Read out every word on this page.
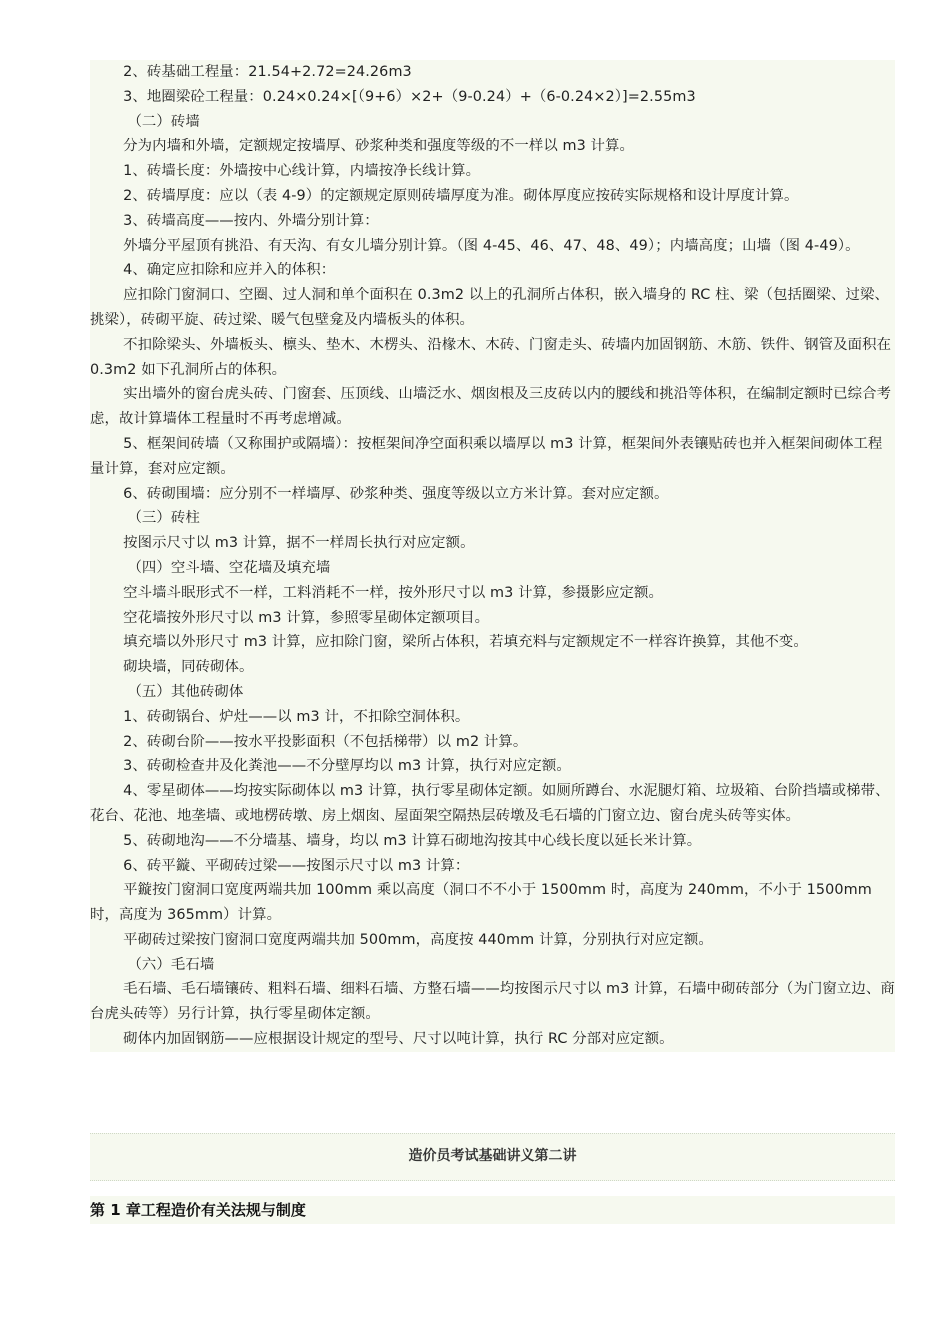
2、砖基础工程量：21.54+2.72=24.26m3

3、地圈梁砼工程量：0.24×0.24×[（9+6）×2+（9-0.24）+（6-0.24×2）]=2.55m3

（二）砖墙

分为内墙和外墙，定额规定按墙厚、砂浆种类和强度等级的不一样以 m3 计算。

1、砖墙长度：外墙按中心线计算，内墙按净长线计算。

2、砖墙厚度：应以（表 4-9）的定额规定原则砖墙厚度为准。砌体厚度应按砖实际规格和设计厚度计算。

3、砖墙高度——按内、外墙分别计算：

外墙分平屋顶有挑沿、有天沟、有女儿墙分别计算。（图 4-45、46、47、48、49）；内墙高度；山墙（图 4-49）。

4、确定应扣除和应并入的体积：

应扣除门窗洞口、空圈、过人洞和单个面积在 0.3m2 以上的孔洞所占体积，嵌入墙身的 RC 柱、梁（包括圈梁、过梁、挑梁），砖砌平旋、砖过梁、暖气包壁龛及内墙板头的体积。

不扣除梁头、外墙板头、檩头、垫木、木楞头、沿椽木、木砖、门窗走头、砖墙内加固钢筋、木筋、铁件、钢管及面积在 0.3m2 如下孔洞所占的体积。

实出墙外的窗台虎头砖、门窗套、压顶线、山墙泛水、烟囱根及三皮砖以内的腰线和挑沿等体积，在编制定额时已综合考虑，故计算墙体工程量时不再考虑增减。

5、框架间砖墙（又称围护或隔墙）：按框架间净空面积乘以墙厚以 m3 计算，框架间外表镶贴砖也并入框架间砌体工程量计算，套对应定额。

6、砖砌围墙：应分别不一样墙厚、砂浆种类、强度等级以立方米计算。套对应定额。

（三）砖柱

按图示尺寸以 m3 计算，据不一样周长执行对应定额。

（四）空斗墙、空花墙及填充墙

空斗墙斗眠形式不一样，工料消耗不一样，按外形尺寸以 m3 计算，参摄影应定额。

空花墙按外形尺寸以 m3 计算，参照零星砌体定额项目。

填充墙以外形尺寸 m3 计算，应扣除门窗，梁所占体积，若填充料与定额规定不一样容许换算，其他不变。

砌块墙，同砖砌体。

（五）其他砖砌体

1、砖砌锅台、炉灶——以 m3 计，不扣除空洞体积。

2、砖砌台阶——按水平投影面积（不包括梯带）以 m2 计算。

3、砖砌检查井及化粪池——不分壁厚均以 m3 计算，执行对应定额。

4、零星砌体——均按实际砌体以 m3 计算，执行零星砌体定额。如厕所蹲台、水泥腿灯箱、垃圾箱、台阶挡墙或梯带、花台、花池、地垄墙、或地楞砖墩、房上烟囱、屋面架空隔热层砖墩及毛石墙的门窗立边、窗台虎头砖等实体。

5、砖砌地沟——不分墙基、墙身，均以 m3 计算石砌地沟按其中心线长度以延长米计算。

6、砖平鏇、平砌砖过梁——按图示尺寸以 m3 计算：

平鏇按门窗洞口宽度两端共加 100mm 乘以高度（洞口不不小于 1500mm 时，高度为 240mm，不小于 1500mm 时，高度为 365mm）计算。

平砌砖过梁按门窗洞口宽度两端共加 500mm，高度按 440mm 计算，分别执行对应定额。

（六）毛石墙

毛石墙、毛石墙镶砖、粗料石墙、细料石墙、方整石墙——均按图示尺寸以 m3 计算，石墙中砌砖部分（为门窗立边、商台虎头砖等）另行计算，执行零星砌体定额。

砌体内加固钢筋——应根据设计规定的型号、尺寸以吨计算，执行 RC 分部对应定额。

造价员考试基础讲义第二讲
第 1 章工程造价有关法规与制度
